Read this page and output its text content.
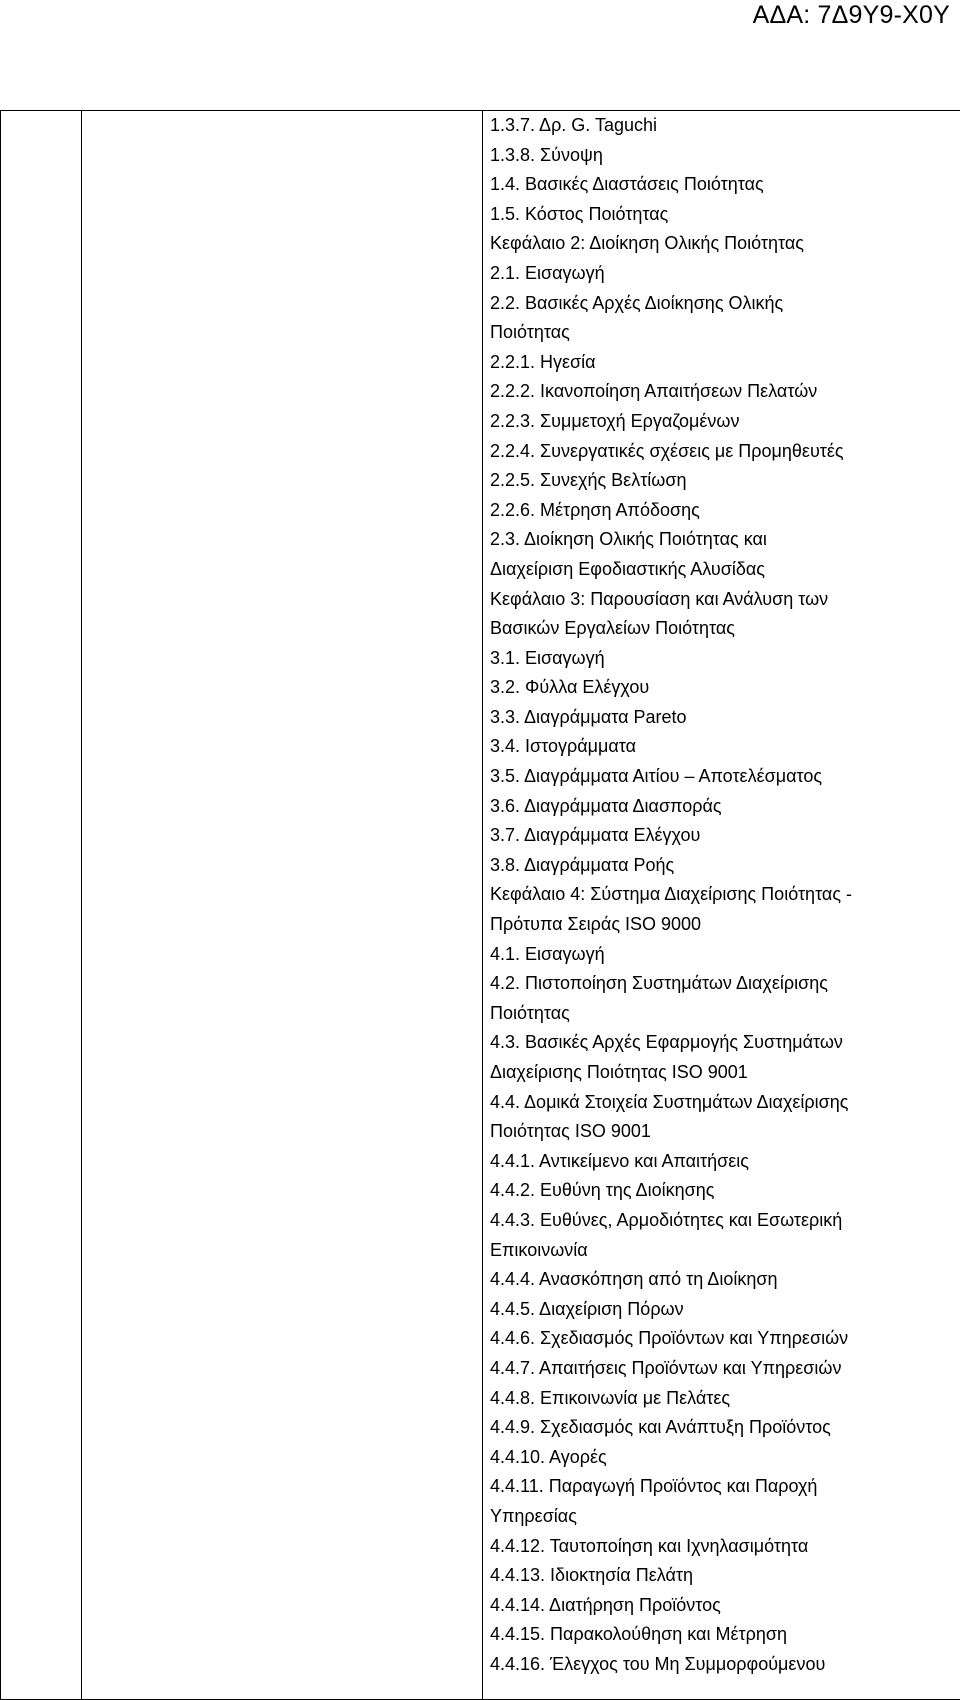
ΑΔΑ: 7Δ9Υ9-Χ0Υ

1.3.7. Δρ. G. Taguchi
1.3.8. Σύνοψη
1.4. Βασικές Διαστάσεις Ποιότητας
1.5. Κόστος Ποιότητας
Κεφάλαιο 2: Διοίκηση Ολικής Ποιότητας
2.1. Εισαγωγή
2.2. Βασικές Αρχές Διοίκησης Ολικής
Ποιότητας
2.2.1. Ηγεσία
2.2.2. Ικανοποίηση Απαιτήσεων Πελατών
2.2.3. Συμμετοχή Εργαζομένων
2.2.4. Συνεργατικές σχέσεις με Προμηθευτές
2.2.5. Συνεχής Βελτίωση
2.2.6. Μέτρηση Απόδοσης
2.3. Διοίκηση Ολικής Ποιότητας και
Διαχείριση Εφοδιαστικής Αλυσίδας
Κεφάλαιο 3: Παρουσίαση και Ανάλυση των
Βασικών Εργαλείων Ποιότητας
3.1. Εισαγωγή
3.2. Φύλλα Ελέγχου
3.3. Διαγράμματα Pareto
3.4. Ιστογράμματα
3.5. Διαγράμματα Αιτίου – Αποτελέσματος
3.6. Διαγράμματα Διασποράς
3.7. Διαγράμματα Ελέγχου
3.8. Διαγράμματα Ροής
Κεφάλαιο 4: Σύστημα Διαχείρισης Ποιότητας -
Πρότυπα Σειράς ISO 9000
4.1. Εισαγωγή
4.2. Πιστοποίηση Συστημάτων Διαχείρισης
Ποιότητας
4.3. Βασικές Αρχές Εφαρμογής Συστημάτων
Διαχείρισης Ποιότητας ISO 9001
4.4. Δομικά Στοιχεία Συστημάτων Διαχείρισης
Ποιότητας ISO 9001
4.4.1. Αντικείμενο και Απαιτήσεις
4.4.2. Ευθύνη της Διοίκησης
4.4.3. Ευθύνες, Αρμοδιότητες και Εσωτερική
Επικοινωνία
4.4.4. Ανασκόπηση από τη Διοίκηση
4.4.5. Διαχείριση Πόρων
4.4.6. Σχεδιασμός Προϊόντων και Υπηρεσιών
4.4.7. Απαιτήσεις Προϊόντων και Υπηρεσιών
4.4.8. Επικοινωνία με Πελάτες
4.4.9. Σχεδιασμός και Ανάπτυξη Προϊόντος
4.4.10. Αγορές
4.4.11. Παραγωγή Προϊόντος και Παροχή
Υπηρεσίας
4.4.12. Ταυτοποίηση και Ιχνηλασιμότητα
4.4.13. Ιδιοκτησία Πελάτη
4.4.14. Διατήρηση Προϊόντος
4.4.15. Παρακολούθηση και Μέτρηση
4.4.16. Έλεγχος του Μη Συμμορφούμενου
